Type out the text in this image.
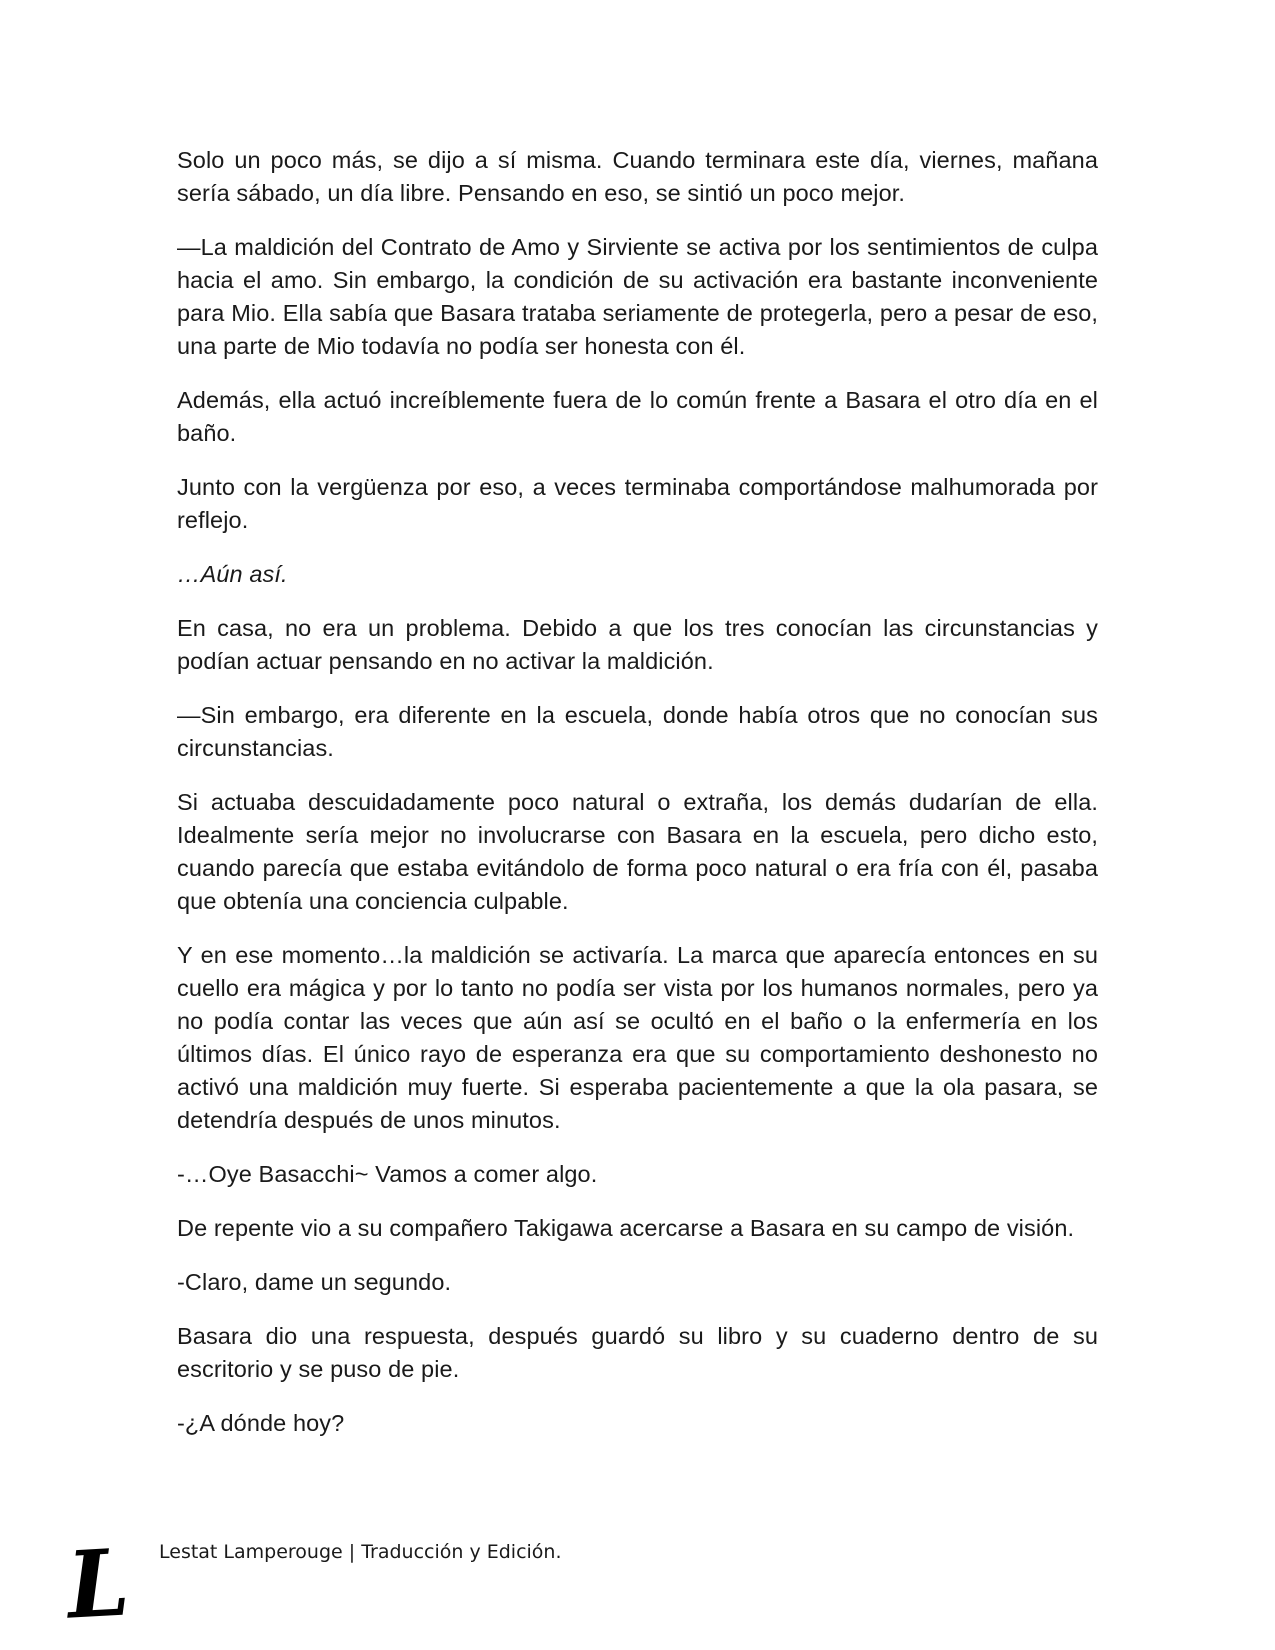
Solo un poco más, se dijo a sí misma. Cuando terminara este día, viernes, mañana sería sábado, un día libre. Pensando en eso, se sintió un poco mejor.

—La maldición del Contrato de Amo y Sirviente se activa por los sentimientos de culpa hacia el amo. Sin embargo, la condición de su activación era bastante inconveniente para Mio. Ella sabía que Basara trataba seriamente de protegerla, pero a pesar de eso, una parte de Mio todavía no podía ser honesta con él.

Además, ella actuó increíblemente fuera de lo común frente a Basara el otro día en el baño.

Junto con la vergüenza por eso, a veces terminaba comportándose malhumorada por reflejo.

…Aún así.

En casa, no era un problema. Debido a que los tres conocían las circunstancias y podían actuar pensando en no activar la maldición.

—Sin embargo, era diferente en la escuela, donde había otros que no conocían sus circunstancias.

Si actuaba descuidadamente poco natural o extraña, los demás dudarían de ella. Idealmente sería mejor no involucrarse con Basara en la escuela, pero dicho esto, cuando parecía que estaba evitándolo de forma poco natural o era fría con él, pasaba que obtenía una conciencia culpable.

Y en ese momento…la maldición se activaría. La marca que aparecía entonces en su cuello era mágica y por lo tanto no podía ser vista por los humanos normales, pero ya no podía contar las veces que aún así se ocultó en el baño o la enfermería en los últimos días. El único rayo de esperanza era que su comportamiento deshonesto no activó una maldición muy fuerte. Si esperaba pacientemente a que la ola pasara, se detendría después de unos minutos.

-…Oye Basacchi~ Vamos a comer algo.

De repente vio a su compañero Takigawa acercarse a Basara en su campo de visión.

-Claro, dame un segundo.

Basara dio una respuesta, después guardó su libro y su cuaderno dentro de su escritorio y se puso de pie.

-¿A dónde hoy?

L Lestat Lamperouge | Traducción y Edición.
